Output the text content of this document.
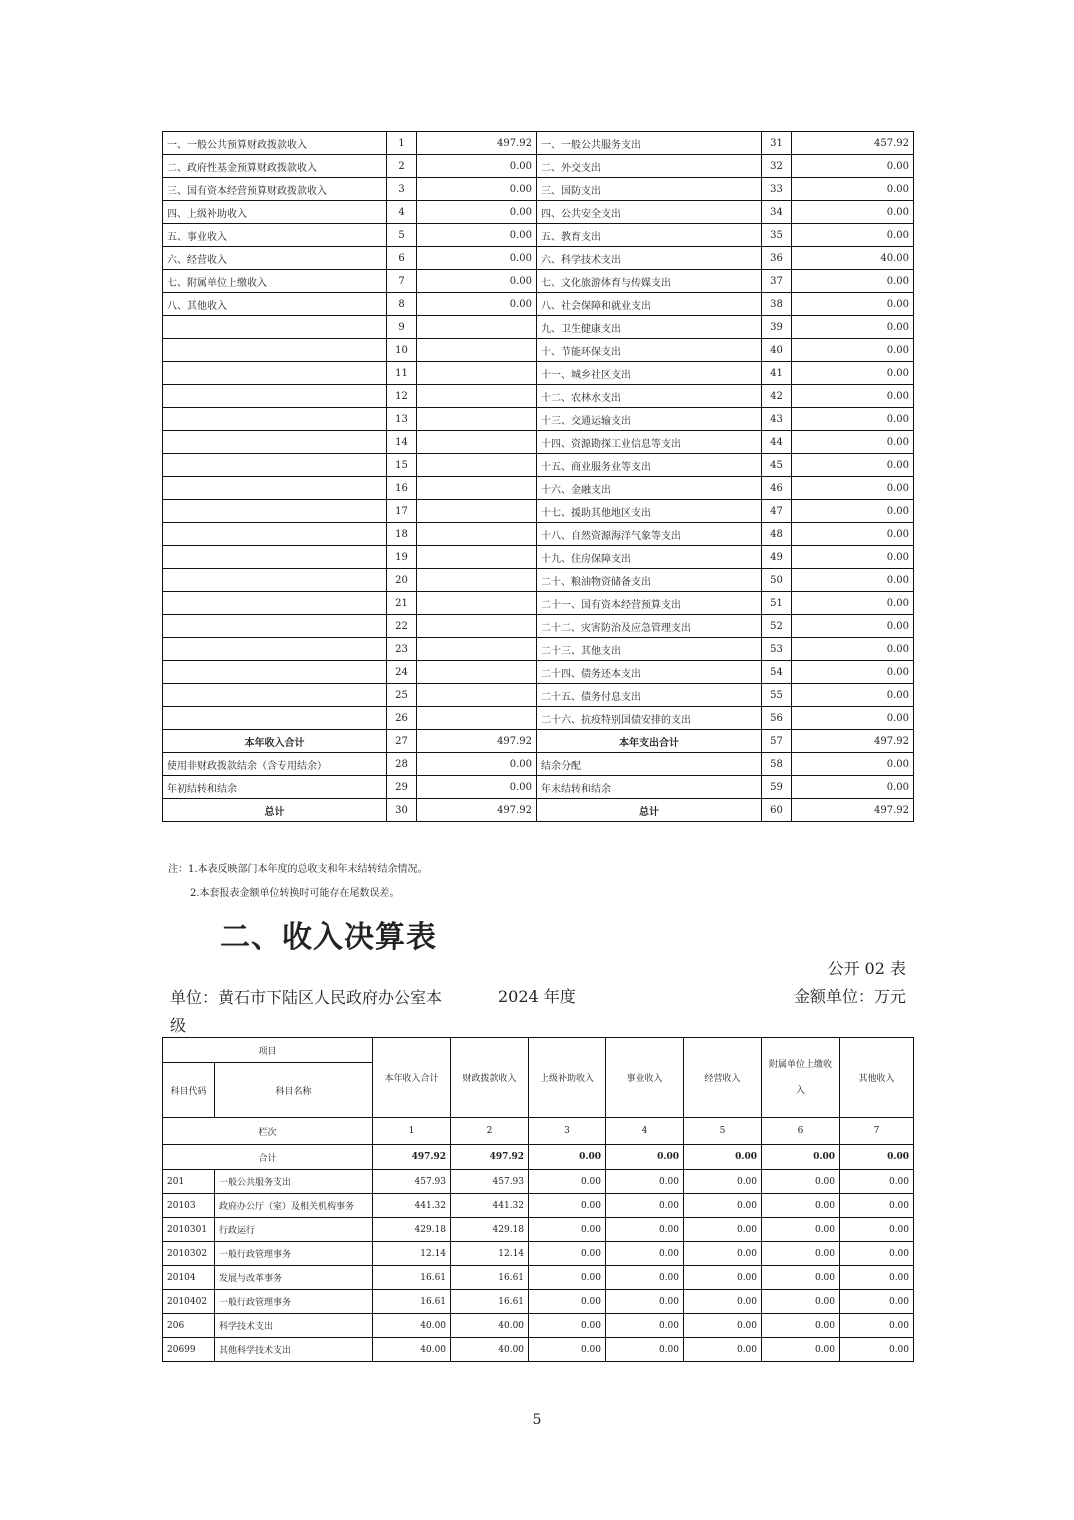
一、一般公共预算财政拨款收入	1	497.92	一、一般公共服务支出	31	457.92
二、政府性基金预算财政拨款收入	2	0.00	二、外交支出	32	0.00
三、国有资本经营预算财政拨款收入	3	0.00	三、国防支出	33	0.00
四、上级补助收入	4	0.00	四、公共安全支出	34	0.00
五、事业收入	5	0.00	五、教育支出	35	0.00
六、经营收入	6	0.00	六、科学技术支出	36	40.00
七、附属单位上缴收入	7	0.00	七、文化旅游体育与传媒支出	37	0.00
八、其他收入	8	0.00	八、社会保障和就业支出	38	0.00
	9		九、卫生健康支出	39	0.00
	10		十、节能环保支出	40	0.00
	11		十一、城乡社区支出	41	0.00
	12		十二、农林水支出	42	0.00
	13		十三、交通运输支出	43	0.00
	14		十四、资源勘探工业信息等支出	44	0.00
	15		十五、商业服务业等支出	45	0.00
	16		十六、金融支出	46	0.00
	17		十七、援助其他地区支出	47	0.00
	18		十八、自然资源海洋气象等支出	48	0.00
	19		十九、住房保障支出	49	0.00
	20		二十、粮油物资储备支出	50	0.00
	21		二十一、国有资本经营预算支出	51	0.00
	22		二十二、灾害防治及应急管理支出	52	0.00
	23		二十三、其他支出	53	0.00
	24		二十四、债务还本支出	54	0.00
	25		二十五、债务付息支出	55	0.00
	26		二十六、抗疫特别国债安排的支出	56	0.00
本年收入合计	27	497.92	本年支出合计	57	497.92
使用非财政拨款结余（含专用结余）	28	0.00	结余分配	58	0.00
年初结转和结余	29	0.00	年末结转和结余	59	0.00
总计	30	497.92	总计	60	497.92
注：1.本表反映部门本年度的总收支和年末结转结余情况。
2.本套报表金额单位转换时可能存在尾数误差。
二、收入决算表
公开 02 表
单位：黄石市下陆区人民政府办公室本级
2024 年度	金额单位：万元
项目		本年收入合计	财政拨款收入	上级补助收入	事业收入	经营收入	附属单位上缴收入	其他收入
科目代码	科目名称							
栏次		1	2	3	4	5	6	7
合计		497.92	497.92	0.00	0.00	0.00	0.00	0.00
201	一般公共服务支出	457.93	457.93	0.00	0.00	0.00	0.00	0.00
20103	政府办公厅（室）及相关机构事务	441.32	441.32	0.00	0.00	0.00	0.00	0.00
2010301	行政运行	429.18	429.18	0.00	0.00	0.00	0.00	0.00
2010302	一般行政管理事务	12.14	12.14	0.00	0.00	0.00	0.00	0.00
20104	发展与改革事务	16.61	16.61	0.00	0.00	0.00	0.00	0.00
2010402	一般行政管理事务	16.61	16.61	0.00	0.00	0.00	0.00	0.00
206	科学技术支出	40.00	40.00	0.00	0.00	0.00	0.00	0.00
20699	其他科学技术支出	40.00	40.00	0.00	0.00	0.00	0.00	0.00
5
